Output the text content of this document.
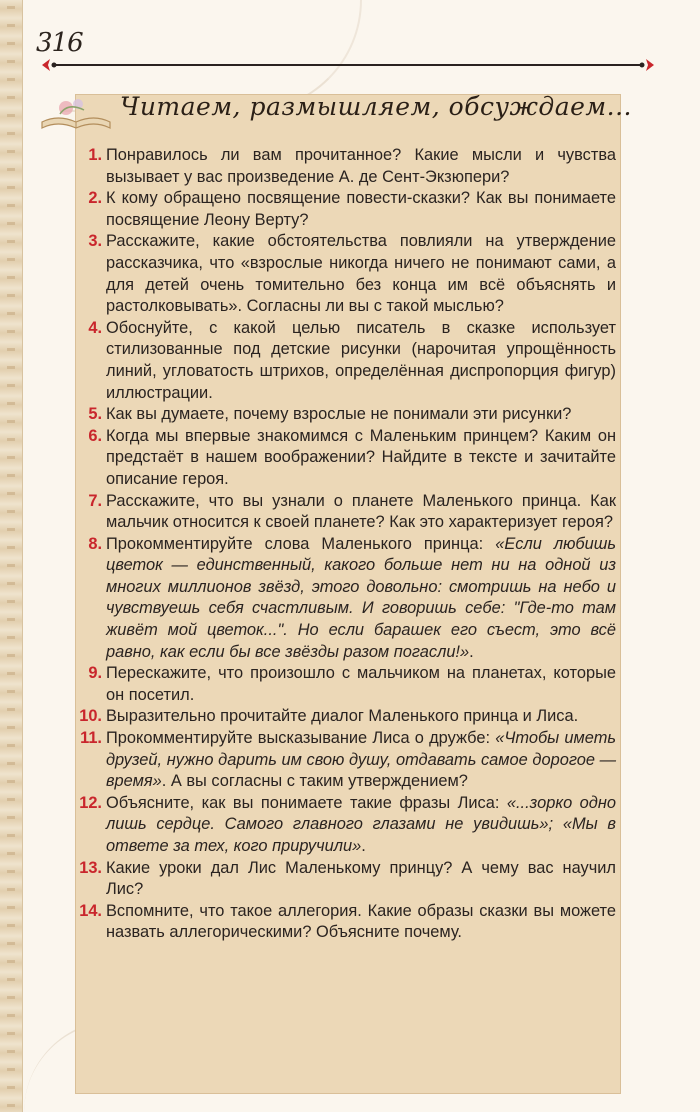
316
Читаем, размышляем, обсуждаем...
1. Понравилось ли вам прочитанное? Какие мысли и чувства вызывает у вас произведение А. де Сент-Экзюпери?
2. К кому обращено посвящение повести-сказки? Как вы понимаете посвящение Леону Верту?
3. Расскажите, какие обстоятельства повлияли на утверждение рассказчика, что «взрослые никогда ничего не понимают сами, а для детей очень томительно без конца им всё объяснять и растолковывать». Согласны ли вы с такой мыслью?
4. Обоснуйте, с какой целью писатель в сказке использует стилизованные под детские рисунки (нарочитая упрощённость линий, угловатость штрихов, определённая диспропорция фигур) иллюстрации.
5. Как вы думаете, почему взрослые не понимали эти рисунки?
6. Когда мы впервые знакомимся с Маленьким принцем? Каким он предстаёт в нашем воображении? Найдите в тексте и зачитайте описание героя.
7. Расскажите, что вы узнали о планете Маленького принца. Как мальчик относится к своей планете? Как это характеризует героя?
8. Прокомментируйте слова Маленького принца: «Если любишь цветок — единственный, какого больше нет ни на одной из многих миллионов звёзд, этого довольно: смотришь на небо и чувствуешь себя счастливым. И говоришь себе: "Где-то там живёт мой цветок...". Но если барашек его съест, это всё равно, как если бы все звёзды разом погасли!».
9. Перескажите, что произошло с мальчиком на планетах, которые он посетил.
10. Выразительно прочитайте диалог Маленького принца и Лиса.
11. Прокомментируйте высказывание Лиса о дружбе: «Чтобы иметь друзей, нужно дарить им свою душу, отдавать самое дорогое — время». А вы согласны с таким утверждением?
12. Объясните, как вы понимаете такие фразы Лиса: «...зорко одно лишь сердце. Самого главного глазами не увидишь»; «Мы в ответе за тех, кого приручили».
13. Какие уроки дал Лис Маленькому принцу? А чему вас научил Лис?
14. Вспомните, что такое аллегория. Какие образы сказки вы можете назвать аллегорическими? Объясните почему.
